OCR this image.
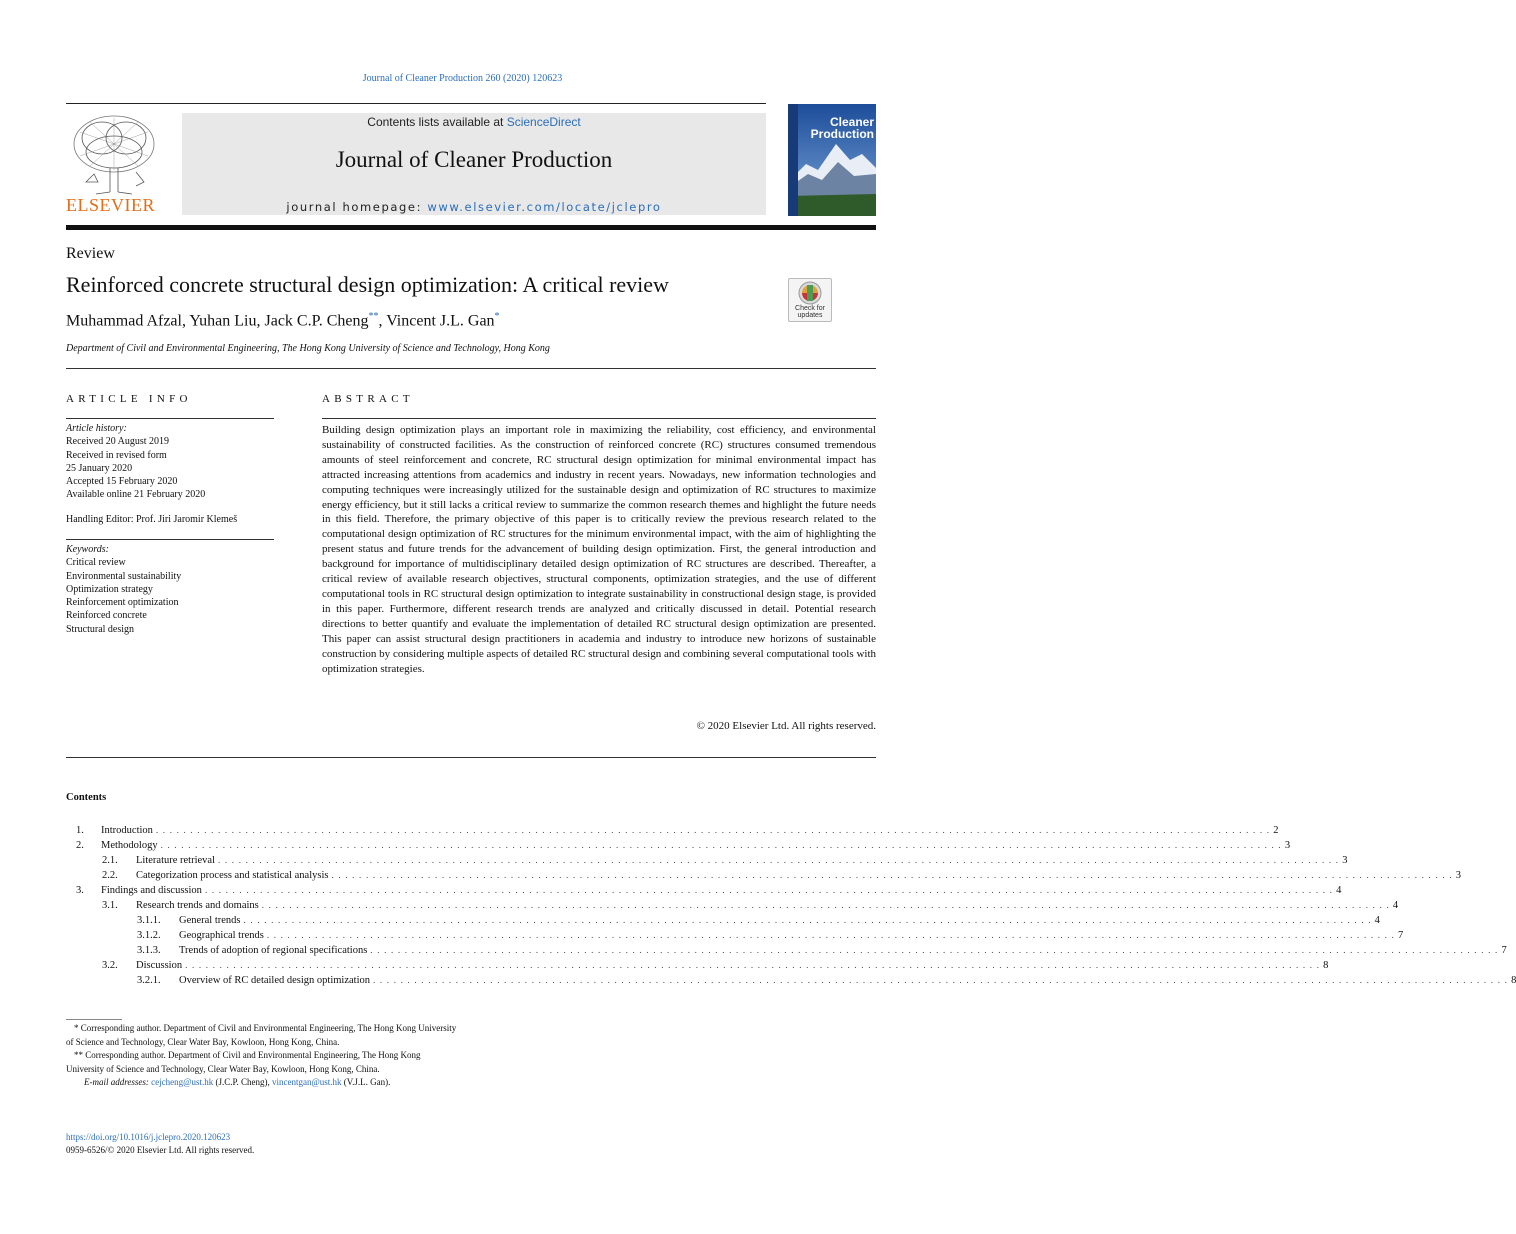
Journal of Cleaner Production 260 (2020) 120623
ELSEVIER
Contents lists available at ScienceDirect
Journal of Cleaner Production
journal homepage: www.elsevier.com/locate/jclepro
Cleaner
Production
Review
Reinforced concrete structural design optimization: A critical review
Check for updates
Muhammad Afzal, Yuhan Liu, Jack C.P. Cheng**, Vincent J.L. Gan*
Department of Civil and Environmental Engineering, The Hong Kong University of Science and Technology, Hong Kong
ARTICLE INFO	ABSTRACT
Article history:
Received 20 August 2019
Received in revised form
25 January 2020
Accepted 15 February 2020
Available online 21 February 2020
Handling Editor: Prof. Jiri Jaromir Klemeš
Keywords:
Critical review
Environmental sustainability
Optimization strategy
Reinforcement optimization
Reinforced concrete
Structural design
Building design optimization plays an important role in maximizing the reliability, cost efficiency, and environmental sustainability of constructed facilities. As the construction of reinforced concrete (RC) structures consumed tremendous amounts of steel reinforcement and concrete, RC structural design optimization for minimal environmental impact has attracted increasing attentions from academics and industry in recent years. Nowadays, new information technologies and computing techniques were increasingly utilized for the sustainable design and optimization of RC structures to maximize energy efficiency, but it still lacks a critical review to summarize the common research themes and highlight the future needs in this field. Therefore, the primary objective of this paper is to critically review the previous research related to the computational design optimization of RC structures for the minimum environmental impact, with the aim of highlighting the present status and future trends for the advancement of building design optimization. First, the general introduction and background for importance of multidisciplinary detailed design optimization of RC structures are described. Thereafter, a critical review of available research objectives, structural components, optimization strategies, and the use of different computational tools in RC structural design optimization to integrate sustainability in constructional design stage, is provided in this paper. Furthermore, different research trends are analyzed and critically discussed in detail. Potential research directions to better quantify and evaluate the implementation of detailed RC structural design optimization are presented. This paper can assist structural design practitioners in academia and industry to introduce new horizons of sustainable construction by considering multiple aspects of detailed RC structural design and combining several computational tools with optimization strategies.
© 2020 Elsevier Ltd. All rights reserved.
Contents
1.	Introduction . . . . . . . . . . . . . . . . . . . . . . . . . . . . . . . . . . . . . . . . . . . . . . . . . . . . . . . . . . . . . . . . . . . . . . . . . . . . . . . . . . . . . . . . . . . . . . . . . . . . . . . . . . . . . . . . . . . . . . . . . . . . . . . . . . . . . . . . . . . . . . . . . . . . . . . . . . . . . . . . . . 2
2.	Methodology . . . . . . . . . . . . . . . . . . . . . . . . . . . . . . . . . . . . . . . . . . . . . . . . . . . . . . . . . . . . . . . . . . . . . . . . . . . . . . . . . . . . . . . . . . . . . . . . . . . . . . . . . . . . . . . . . . . . . . . . . . . . . . . . . . . . . . . . . . . . . . . . . . . . . . . . . . . . . . . . . . . 3
2.1.	Literature retrieval . . . . . . . . . . . . . . . . . . . . . . . . . . . . . . . . . . . . . . . . . . . . . . . . . . . . . . . . . . . . . . . . . . . . . . . . . . . . . . . . . . . . . . . . . . . . . . . . . . . . . . . . . . . . . . . . . . . . . . . . . . . . . . . . . . . . . . . . . . . . . . . . . . . . . . . . . . . . . . . . . . . 3
2.2.	Categorization process and statistical analysis . . . . . . . . . . . . . . . . . . . . . . . . . . . . . . . . . . . . . . . . . . . . . . . . . . . . . . . . . . . . . . . . . . . . . . . . . . . . . . . . . . . . . . . . . . . . . . . . . . . . . . . . . . . . . . . . . . . . . . . . . . . . . . . . . . . . . . . . . . . . . . . . . . . . . . . . . . . . . . . . . . . 3
3.	Findings and discussion . . . . . . . . . . . . . . . . . . . . . . . . . . . . . . . . . . . . . . . . . . . . . . . . . . . . . . . . . . . . . . . . . . . . . . . . . . . . . . . . . . . . . . . . . . . . . . . . . . . . . . . . . . . . . . . . . . . . . . . . . . . . . . . . . . . . . . . . . . . . . . . . . . . . . . . . . . . . . . . . . . . . 4
3.1.	Research trends and domains . . . . . . . . . . . . . . . . . . . . . . . . . . . . . . . . . . . . . . . . . . . . . . . . . . . . . . . . . . . . . . . . . . . . . . . . . . . . . . . . . . . . . . . . . . . . . . . . . . . . . . . . . . . . . . . . . . . . . . . . . . . . . . . . . . . . . . . . . . . . . . . . . . . . . . . . . . . . . . . . . . . . 4
3.1.1.	General trends . . . . . . . . . . . . . . . . . . . . . . . . . . . . . . . . . . . . . . . . . . . . . . . . . . . . . . . . . . . . . . . . . . . . . . . . . . . . . . . . . . . . . . . . . . . . . . . . . . . . . . . . . . . . . . . . . . . . . . . . . . . . . . . . . . . . . . . . . . . . . . . . . . . . . . . . . . . . . . . . . . . . 4
3.1.2.	Geographical trends . . . . . . . . . . . . . . . . . . . . . . . . . . . . . . . . . . . . . . . . . . . . . . . . . . . . . . . . . . . . . . . . . . . . . . . . . . . . . . . . . . . . . . . . . . . . . . . . . . . . . . . . . . . . . . . . . . . . . . . . . . . . . . . . . . . . . . . . . . . . . . . . . . . . . . . . . . . . . . . . . . . . 7
3.1.3.	Trends of adoption of regional specifications . . . . . . . . . . . . . . . . . . . . . . . . . . . . . . . . . . . . . . . . . . . . . . . . . . . . . . . . . . . . . . . . . . . . . . . . . . . . . . . . . . . . . . . . . . . . . . . . . . . . . . . . . . . . . . . . . . . . . . . . . . . . . . . . . . . . . . . . . . . . . . . . . . . . . . . . . . . . . . . . . . . . 7
3.2.	Discussion . . . . . . . . . . . . . . . . . . . . . . . . . . . . . . . . . . . . . . . . . . . . . . . . . . . . . . . . . . . . . . . . . . . . . . . . . . . . . . . . . . . . . . . . . . . . . . . . . . . . . . . . . . . . . . . . . . . . . . . . . . . . . . . . . . . . . . . . . . . . . . . . . . . . . . . . . . . . . . . . . . . . . 8
3.2.1.	Overview of RC detailed design optimization . . . . . . . . . . . . . . . . . . . . . . . . . . . . . . . . . . . . . . . . . . . . . . . . . . . . . . . . . . . . . . . . . . . . . . . . . . . . . . . . . . . . . . . . . . . . . . . . . . . . . . . . . . . . . . . . . . . . . . . . . . . . . . . . . . . . . . . . . . . . . . . . . . . . . . . . . . . . . . . . . . . . . 8

* Corresponding author. Department of Civil and Environmental Engineering, The Hong Kong University of Science and Technology, Clear Water Bay, Kowloon, Hong Kong, China.

** Corresponding author. Department of Civil and Environmental Engineering, The Hong Kong University of Science and Technology, Clear Water Bay, Kowloon, Hong Kong, China.

E-mail addresses: cejcheng@ust.hk (J.C.P. Cheng), vincentgan@ust.hk (V.J.L. Gan).

https://doi.org/10.1016/j.jclepro.2020.120623
0959-6526/© 2020 Elsevier Ltd. All rights reserved.
